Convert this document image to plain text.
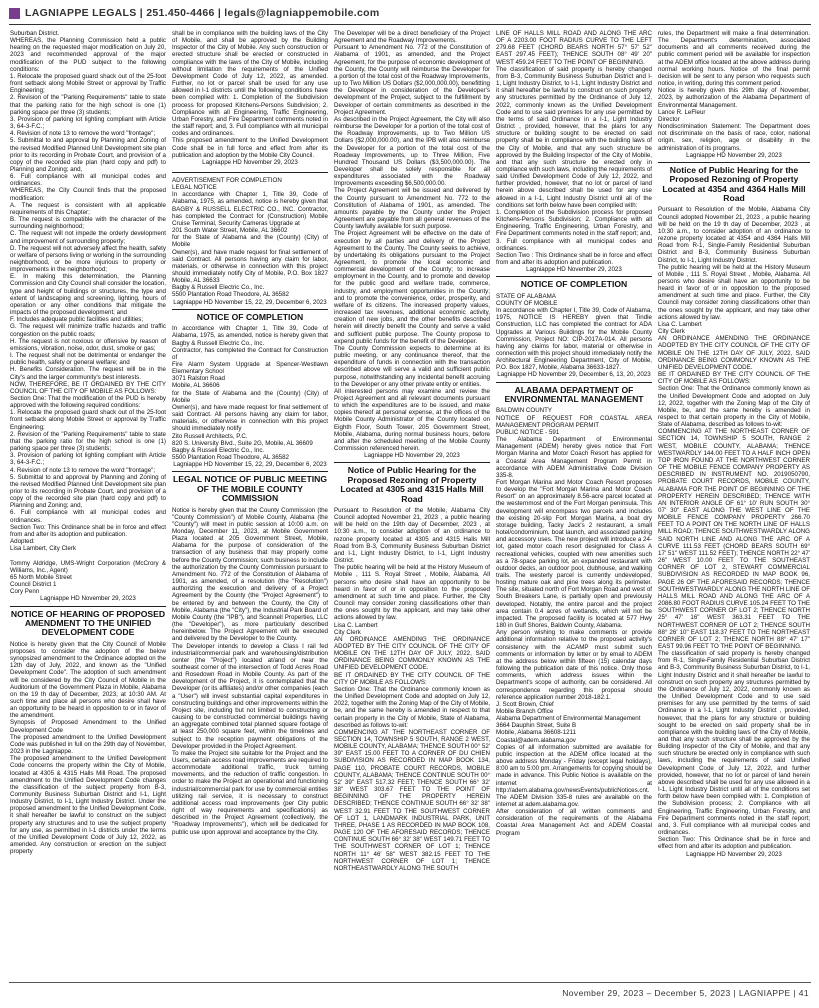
LAGNIAPPE LEGALS | 251.450-4466 | legals@lagniappemobile.com

Suburban District.

WHEREAS, the Planning Commission held a public hearing on the requested major modification on July 20, 2023 and recommended approval of the major modification of the PUD subject to the following conditions:

1. Relocate the proposed guard shack out of the 25-foot front setback along Mobile Street or approval by Traffic Engineering;

2. Revision of the "Parking Requirements" table to state that the parking ratio for the high school is one (1) parking space per three (3) students;

3. Provision of parking lot lighting compliant with Article 3, 64-3-F.C.;

4. Revision of note 13 to remove the word "frontage";

5. Submittal to and approval by Planning and Zoning of the revised Modified Planned Unit Development site plan prior to its recording in Probate Court, and provision of a copy of the recorded site plan (hard copy and pdf) to Planning and Zoning; and,

6. Full compliance with all municipal codes and ordinances.

WHEREAS, the City Council finds that the proposed modification:

A. The request is consistent with all applicable requirements of this Chapter;

B. The request is compatible with the character of the surrounding neighborhood;

C. The request will not impede the orderly development and improvement of surrounding property;

D. The request will not adversely affect the health, safety or welfare of persons living or working in the surrounding neighborhood, or be more injurious to property or improvements in the neighborhood;

E. In making this determination, the Planning Commission and City Council shall consider the location, type and height of buildings or structures, the type and extent of landscaping and screening, lighting, hours of operation or any other conditions that mitigate the impacts of the proposed development; and

F. Includes adequate public facilities and utilities;

G. The request will minimize traffic hazards and traffic congestion on the public roads;

H. The request is not noxious or offensive by reason of emissions, vibration, noise, odor, dust, smoke or gas;

I. The request shall not be detrimental or endanger the public health, safety or general welfare; and

H. Benefits Consideration. The request will be in the City's and the larger community's best interests.

NOW, THEREFORE, BE IT ORDAINED BY THE CITY COUNCIL OF THE CITY OF MOBILE AS FOLLOWS:

Section One: That the modification of the PUD is hereby approved with the following required conditions:

1. Relocate the proposed guard shack out of the 25-foot front setback along Mobile Street or approval by Traffic Engineering;

2. Revision of the "Parking Requirements" table to state that the parking ratio for the high school is one (1) parking space per three (3) students;

3. Provision of parking lot lighting compliant with Article 3, 64-3-F.C.;

4. Revision of note 13 to remove the word "frontage";

5. Submittal to and approval by Planning and Zoning of the revised Modified Planned Unit Development site plan prior to its recording in Probate Court, and provision of a copy of the recorded site plan (hard copy and pdf) to Planning and Zoning; and,

6. Full compliance with all municipal codes and ordinances.

Section Two: This Ordinance shall be in force and effect from and after its adoption and publication.

Adopted:

Lisa Lambert, City Clerk

Tommy Aldridge, UMS-Wright Corporation (McCrory & Williams, Inc., Agent)

65 North Mobile Street

Council District 1

Cory Penn

Lagniappe HD November 29, 2023

NOTICE OF HEARING OF PROPOSED AMENDMENT TO THE UNIFIED DEVELOPMENT CODE

Notice is hereby given that the City Council of Mobile proposes to consider the adoption of the below synopsized amendment to the Ordinance adopted on the 12th day of July, 2022, and known as the "Unified Development Code". The adoption of such amendment will be considered by the City Council of Mobile in the Auditorium of the Government Plaza in Mobile, Alabama on the 19 th day of December, 2023, at 10:30 AM. At such time and place all persons who desire shall have an opportunity to be heard in opposition to or in favor of the amendment.

Synopsis of Proposed Amendment to the Unified Development Code

The proposed amendment to the Unified Development Code was published in full on the 29th day of November, 2023 in the Lagniappe.

The proposed amendment to the Unified Development Code concerns the property within the City of Mobile, located at 4305 & 4315 Halls Mill Road. The proposed amendment to the Unified Development Code changes the classification of the subject property from B-3, Community Business Suburban District and I-1, Light Industry District, to I-1, Light Industry District. Under the proposed amendment to the Unified Development Code, it shall hereafter be lawful to construct on the subject property any structures and to use the subject property for any use, as permitted in I-1 districts under the terms of the Unified Development Code of July 12, 2022, as amended. Any construction or erection on the subject property

shall be in compliance with the building laws of the City of Mobile, and shall be approved by the Building Inspector of the City of Mobile. Any such construction or erected structure shall be erected or constructed in compliance with the laws of the City of Mobile, including without limitation the requirements of the Unified Development Code of July 12, 2022, as amended. Further, no lot or parcel shall be used for any use allowed in I-1 districts until the following conditions have been complied with: 1. Completion of the Subdivision process for proposed Kitchens-Persons Subdivision; 2. Compliance with all Engineering, Traffic Engineering, Urban Forestry, and Fire Department comments noted in the staff report; and, 3. Full compliance with all municipal codes and ordinances.

This proposed amendment to the Unified Development Code shall be in full force and effect from after its publication and adoption by the Mobile City Council.

Lagniappe HD November 29, 2023

ADVERTISEMENT FOR COMPLETION

LEGAL NOTICE

In accordance with Chapter 1, Title 39, Code of Alabama, 1975, as amended, notice is hereby given that BAGBY & RUSSELL ELECTRIC CO., INC. Contractor, has completed the Contract for (Construction) Mobile Cruise Terminal, Security Cameras Upgrade at

201 South Water Street, Mobile, AL 36602

for the State of Alabama and the (County) (City) of Mobile

Owner(s), and have made request for final settlement of said Contract. All persons having any claim for labor, materials, or otherwise in connection with this project should immediately notify City of Mobile, P.O. Box 1827 Mobile, AL 36633

Bagby & Russell Electric Co., Inc.

5500 Plantation Road Theodore, AL 36582

Lagniappe HD November 15, 22, 29, December 6, 2023

NOTICE OF COMPLETION

In accordance with Chapter 1, Title 39, Code of Alabama, 1975, as amended, notice is hereby given that Bagby & Russell Electric Co., Inc.

Contractor, has completed the Contract for Construction of

Fire Alarm System Upgrade at Spencer-Westlawn Elementary School

3071 Ralston Road

Mobile, AL 36606

for the State of Alabama and the (County) (City) of Mobile

Owner(s), and have made request for final settlement of said Contract. All persons having any claim for labor, materials, or otherwise in connection with this project should immediately notify

Zito Russell Architects, P.C.

820 S. University Blvd., Suite 2G, Mobile, AL 36609

Bagby & Russell Electric Co., Inc.

5500 Plantation Road Theodore, AL 36582

Lagniappe HD November 15, 22, 29, December 6, 2023

LEGAL NOTICE OF PUBLIC MEETING OF THE MOBILE COUNTY COMMISSION

Notice is hereby given that the County Commission (the "County Commission") of Mobile County, Alabama (the "County") will meet in public session at 10:00 a.m. on Monday, December 11, 2023, at Mobile Government Plaza located at 205 Government Street, Mobile, Alabama for the purpose of consideration of the transaction of any business that may properly come before the County Commission; such business to include the authorization by the County Commission pursuant to Amendment No. 772 of the Constitution of Alabama of 1901, as amended, of a resolution (the "Resolution") authorizing the execution and delivery of a Project Agreement by the County (the "Project Agreement") to be entered by and between the County, the City of Mobile, Alabama (the "City"), the Industrial Park Board of Mobile County (the "IPB"), and Scannell Properties, LLC (the "Developer"), as more particularly described hereinbelow. The Project Agreement will be executed and delivered by the Developer to the County.

The Developer intends to develop a Class I rail fed industrial/commercial park and warehousing/distribution center (the "Project") located at/and or near the southeast corner of the intersection of Todd Acres Road and Rosedown Road in Mobile County. As part of the development of the Project, it is contemplated that the Developer (or its affiliates) and/or other companies (each a "User") will invest substantial capital expenditures in constructing buildings and other improvements within the Project site, including but not limited to constructing or causing to be constructed commercial buildings having an aggregate combined total planned square footage of at least 250,000 square feet, within the timelines and subject to the reception payment obligations of the Developer provided in the Project Agreement.

To make the Project site suitable for the Project and the Users, certain access road improvements are required to accommodate additional traffic, truck turning movements, and the reduction of traffic congestion. In order to make the Project an operational and functioning industrial/commercial park for use by commercial entities utilizing rail service, it is necessary to construct additional access road improvements (per City public right of way requirements and specifications) as described in the Project Agreement (collectively, the "Roadway Improvements"), which will be dedicated for public use upon approval and acceptance by the City.

The Developer will be a direct beneficiary of the Project Agreement and the Roadway Improvements.

Pursuant to Amendment No. 772 of the Constitution of Alabama of 1901, as amended, and the Project Agreement, for the purpose of economic development of the County, the County will reimburse the Developer for a portion of the total cost of the Roadway Improvements, up to Two Million US Dollars ($2,000,000.00), benefitting the Developer in consideration of the Developer's development of the Project, subject to the fulfillment by Developer of certain commitments as described in the Project Agreement.

As described in the Project Agreement, the City will also reimburse the Developer for a portion of the total cost of the Roadway Improvements, up to Two Million US Dollars ($2,000,000.00), and the IPB will also reimburse the Developer for a portion of the total cost of the Roadway Improvements, up to Three Million, Five Hundred Thousand US Dollars ($3,500,000.00). The Developer shall be solely responsible for all expenditures associated with the Roadway Improvements exceeding $6,500,000.00.

The Project Agreement will be issued and delivered by the County pursuant to Amendment No. 772 to the Constitution of Alabama of 1901, as amended. The amounts payable by the County under the Project Agreement are payable from all general revenues of the County lawfully available for such purpose.

The Project Agreement will be effective on the date of execution by all parties and delivery of the Project Agreement to the County. The County seeks to achieve, by undertaking its obligations pursuant to the Project Agreement, to promote the local economic and commercial development of the County; to increase employment in the County, and to promote and develop for the public good and welfare trade, commerce, industry, and employment opportunities in the County; and to promote the convenience, order, prosperity, and welfare of its citizens. The increased property values, increased tax revenues, additional economic activity, creation of new jobs, and the other benefits described herein will directly benefit the County and serve a valid and sufficient public purpose. The County propose to expend public funds for the benefit of the Developer.

The County Commission expects to determine at its public meeting, or any continuance thereof, that the expenditure of funds in connection with the transaction described above will serve a valid and sufficient public purpose, notwithstanding any incidental benefit accruing to the Developer or any other private entity or entities.

All interested persons may examine and review the Project Agreement and all relevant documents pursuant to which the expenditures are to be issued, and make copies thereof at personal expense, at the offices of the Mobile County Administrator of the County located on Eighth Floor, South Tower, 205 Government Street, Mobile, Alabama, during normal business hours, before and after the scheduled meeting of the Mobile County Commission referenced herein.

Lagniappe HD November 29, 2023

Notice of Public Hearing for the Proposed Rezoning of Property Located at 4305 and 4315 Halls Mill Road

Pursuant to Resolution of the Mobile, Alabama City Council adopted November 21, 2023 , a public hearing will be held on the 19th day of December, 2023 , at 10:30 a.m., to consider adoption of an ordinance to rezone property located at 4305 and 4315 Halls Mill Road from B-3, Community Business Suburban District and I-1, Light Industry District, to I-1, Light Industry District.

The public hearing will be held at the History Museum of Mobile , 111 S. Royal Street , Mobile, Alabama. All persons who desire shall have an opportunity to be heard in favor of or in opposition to the proposed amendment at such time and place. Further, the City Council may consider zoning classifications other than the ones sought by the applicant, and may take other actions allowed by law.

Lisa C. Lambert

City Clerk

AN ORDINANCE AMENDING THE ORDINANCE ADOPTED BY THE CITY COUNCIL OF THE CITY OF MOBILE ON THE 12TH DAY OF JULY, 2022, SAID ORDINANCE BEING COMMONLY KNOWN AS THE UNIFIED DEVELOPMENT CODE.

BE IT ORDAINED BY THE CITY COUNCIL OF THE CITY OF MOBILE AS FOLLOWS:

Section One: That the Ordinance commonly known as the Unified Development Code and adopted on July 12, 2022, together with the Zoning Map of the City of Mobile, be, and the same hereby is amended in respect to that certain property in the City of Mobile, State of Alabama, described as follows to-wit:

COMMENCING AT THE NORTHEAST CORNER OF SECTION 14, TOWNSHIP 5 SOUTH, RANGE 2 WEST, MOBILE COUNTY, ALABAMA; THENCE SOUTH 00° 52' 39" EAST 15.00 FEET TO A CORNER OF DU CHIEN SUBDIVISION AS RECORDED IN MAP BOOK 134, PAGE 110, PROBATE COURT RECORDS, MOBILE COUNTY, ALABAMA; THENCE CONTINUE SOUTH 00° 52' 39" EAST 517.32 FEET; THENCE SOUTH 66° 32' 38" WEST 303.67 FEET TO THE POINT OF BEGINNING OF THE PROPERTY HEREIN DESCRIBED; THENCE CONTINUE SOUTH 66° 32' 38" WEST 32.91 FEET TO THE SOUTHWEST CORNER OF LOT 1, LANDMARK INDUSTRIAL PARK, UNIT THREE, PHASE 1 AS RECORDED IN MAP BOOK 108, PAGE 120 OF THE AFORESAID RECORDS; THENCE CONTINUE SOUTH 66° 32' 38" WEST 149.71 FEET TO THE SOUTHWEST CORNER OF LOT 1; THENCE NORTH 11° 46' 58" WEST 382.15 FEET TO THE NORTHWEST CORNER OF LOT 1; THENCE NORTHEASTWARDLY ALONG THE SOUTH

LINE OF HALLS MILL ROAD AND ALONG THE ARC OF A 2203.00 FOOT RADIUS CURVE TO THE LEFT 279.68 FEET (CHORD BEARS NORTH 57° 57' 52" EAST 297.45 FEET); THENCE SOUTH 08° 49' 20" WEST 459.24 FEET TO THE POINT OF BEGINNING.

The classification of said property is hereby changed from B-3, Community Business Suburban District and I-1, Light Industry District, to I-1, Light Industry District and it shall hereafter be lawful to construct on such property any structures permitted by the Ordinance of July 12, 2022, commonly known as the Unified Development Code and to use said premises for any use permitted by the terms of said Ordinance in a I-1, Light Industry District , provided, however, that the plans for any structure or building sought to be erected on said property shall be in compliance with the building laws of the City of Mobile, and that any such structure be approved by the Building Inspector of the City of Mobile, and that any such structure be erected only in compliance with such laws, including the requirements of said Unified Development Code of July 12, 2022, and further provided, however, that no lot or parcel of land herein above described shall be used for any use allowed in a I-1, Light Industry District until all of the conditions set forth below have been complied with:

1. Completion of the Subdivision process for proposed Kitchens-Persons Subdivision; 2. Compliance with all Engineering, Traffic Engineering, Urban Forestry, and Fire Department comments noted in the staff report; and, 3. Full compliance with all municipal codes and ordinances.

Section Two : This Ordinance shall be in force and effect from and after its adoption and publication.

Lagniappe HD November 29, 2023

NOTICE OF COMPLETION

STATE OF ALABAMA

COUNTY OF MOBILE

In accordance with Chapter I, Title 39, Code of Alabama, 1975, NOTICE IS HEREBY given that Tindle Construction, LLC has completed the contract for ADA Upgrades at Various Buildings for the Mobile County Commission, Project NO: CIP-2017A-014. All persons having any claims for labor, material or otherwise in connection with this project should immediately notify the Architectural Engineering Department, City of Mobile, P.O. Box 1827, Mobile, Alabama 36633-1827.

Lagniappe HD November 29, December 6, 13, 20, 2023

ALABAMA DEPARTMENT OF ENVIRONMENTAL MANAGEMENT

BALDWIN COUNTY

NOTICE OF REQUEST FOR COASTAL AREA MANAGEMENT PROGRAM PERMIT

PUBLIC NOTICE - 591

The Alabama Department of Environmental Management (ADEM) hereby gives notice that Fort Morgan Marina and Motor Coach Resort has applied for a Coastal Area Management Program Permit in accordance with ADEM Administrative Code Division 335-8.

Fort Morgan Marina and Motor Coach Resort proposes to develop the "Fort Morgan Marina and Motor Coach Resort" on an approximately 8.56-acre parcel located at the westernmost end of the Fort Morgan peninsula. This development will encompass two parcels and includes the existing 20-slip Fort Morgan Marina, a boat dry storage building, Tacky Jack's 2 restaurant, a small hotel/condominium, boat launch, and associated parking and accessory uses. The new project will introduce a 24-lot, gated motor coach resort designated for Class A recreational vehicles, coupled with new amenities such as a 78-space parking lot, an expanded restaurant with outdoor decks, an outdoor pool, clubhouse, and walking trails. The westerly parcel is currently undeveloped, hosting mature oak and pine trees along its perimeter. The site, situated north of Fort Morgan Road and west of South Breakers Lane, is partially open and previously developed. Notably, the entire parcel and the project area contain 0.4 acres of wetlands, which will not be impacted. The proposed facility is located at 577 Hwy 180 in Gulf Shores, Baldwin County, Alabama.

Any person wishing to make comments or provide additional information relative to the proposed activity's consistency with the ACAMP must submit such comments or information by letter or by email to ADEM at the address below within fifteen (15) calendar days following the publication date of this notice. Only those comments, which address issues within the Department's scope of authority, can be considered. All correspondence regarding this proposal should reference application number 2018-182.1.

J. Scott Brown, Chief

Mobile Branch Office

Alabama Department of Environmental Management

3664 Dauphin Street, Suite B

Mobile, Alabama 36608-1211

Coastal@adem.alabama.gov

Copies of all information submitted are available for public inspection at the ADEM office located at the above address Monday - Friday (except legal holidays), 8:00 am to 5:00 pm. Arrangements for copying should be made in advance. This Public Notice is available on the internet at http://adem.alabama.gov/newsEvents/publicNotices.cnt. The ADEM Division 335-8 rules are available on the internet at adem.alabama.gov.

After consideration of all written comments and consideration of the requirements of the Alabama Coastal Area Management Act and ADEM Coastal Program

rules, the Department will make a final determination. The Department's determination, associated documents and all comments received during the public comment period will be available for inspection at the ADEM office located at the above address during normal working hours. Notice of the final permit decision will be sent to any person who requests such notice, in writing, during this comment period.

Notice is hereby given this 29th day of November, 2023, by authorization of the Alabama Department of Environmental Management.

Lance R. LeFleur

Director

Nondiscrimination Statement: The Department does not discriminate on the basis of race, color, national origin, sex, religion, age or disability in the administration of its programs.

Lagniappe HD November 29, 2023

Notice of Public Hearing for the Proposed Rezoning of Property Located at 4354 and 4364 Halls Mill Road

Pursuant to Resolution of the Mobile, Alabama City Council adopted November 21, 2023 , a public hearing will be held on the 19 th day of December, 2023 , at 10:30 a.m., to consider adoption of an ordinance to rezone property located at 4354 and 4364 Halls Mill Road from R-1, Single-Family Residential Suburban District and B-3, Community Business Suburban District, to I-1, Light Industry District.

The public hearing will be held at the History Museum of Mobile , 111 S. Royal Street , Mobile, Alabama. All persons who desire shall have an opportunity to be heard in favor of or in opposition to the proposed amendment at such time and place. Further, the City Council may consider zoning classifications other than the ones sought by the applicant, and may take other actions allowed by law.

Lisa C. Lambert

City Clerk

AN ORDINANCE AMENDING THE ORDINANCE ADOPTED BY THE CITY COUNCIL OF THE CITY OF MOBILE ON THE 12TH DAY OF JULY, 2022, SAID ORDINANCE BEING COMMONLY KNOWN AS THE UNIFIED DEVELOPMENT CODE.

BE IT ORDAINED BY THE CITY COUNCIL OF THE CITY OF MOBILE AS FOLLOWS:

Section One: That the Ordinance commonly known as the Unified Development Code and adopted on July 12, 2022, together with the Zoning Map of the City of Mobile, be, and the same hereby is amended in respect to that certain property in the City of Mobile, State of Alabama, described as follows to-wit:

COMMENCING AT THE NORTHEAST CORNER OF SECTION 14, TOWNSHIP 5 SOUTH, RANGE 2 WEST, MOBILE COUNTY, ALABAMA; THENCE WESTWARDLY 144.00 FEET TO A HALF INCH OPEN TOP IRON FOUND AT THE NORTHWEST CORNER OF THE MOBILE FENCE COMPANY PROPERTY AS DESCRIBED IN INSTRUMENT NO. 2019050790, PROBATE COURT RECORDS, MOBILE COUNTY, ALABAMA FOR THE POINT OF BEGINNING OF THE PROPERTY HEREIN DESCRIBED; THENCE WITH AN INTERIOR ANGLE OF 61° 10' RUN SOUTH 30° 07' 30" EAST ALONG THE WEST LINE OF THE MOBILE FENCE COMPANY PROPERTY 266.70 FEET TO A POINT ON THE NORTH LINE OF HALLS MILL ROAD; THENCE SOUTHWESTWARDLY ALONG SAID NORTH LINE AND ALONG THE ARC OF A CURVE 111.53 FEET (CHORD BEARS SOUTH 69° 17' 51" WEST 111.52 FEET); THENCE NORTH 22° 47' 26" WEST 10.00 FEET TO THE SOUTHEAST CORNER OF LOT 2, STEWART COMMERCIAL SUBDIVISION AS RECORDED IN MAP BOOK 96, PAGE 26 OF THE AFORESAID RECORDS; THENCE SOUTHWESTWARDLY ALONG THE NORTH LINE OF HALLS MILL ROAD AND ALONG THE ARC OF A 2086.80 FOOT RADIUS CURVE 105.24 FEET TO THE SOUTHWEST CORNER OF LOT 2; THENCE NORTH 25° 47' 16" WEST 363.31 FEET TO THE NORTHWEST CORNER OF LOT 2; THENCE SOUTH 88° 26' 10" EAST 118.37 FEET TO THE NORTHEAST CORNER OF LOT 2; THENCE NORTH 88° 47' 17" EAST 99.96 FEET TO THE POINT OF BEGINNING.

The classification of said property is hereby changed from R-1, Single-Family Residential Suburban District and B-3, Community Business Suburban District, to I-1, Light Industry District and it shall hereafter be lawful to construct on such property any structures permitted by the Ordinance of July 12, 2022, commonly known as the Unified Development Code and to use said premises for any use permitted by the terms of said Ordinance in a I-1, Light Industry District , provided, however, that the plans for any structure or building sought to be erected on said property shall be in compliance with the building laws of the City of Mobile, and that any such structure shall be approved by the Building Inspector of the City of Mobile, and that any such structure be erected only in compliance with such laws, including the requirements of said Unified Development Code of July 12, 2022, and further provided, however, that no lot or parcel of land herein above described shall be used for any use allowed in a I-1, Light Industry District until all of the conditions set forth below have been complied with: 1. Completion of the Subdivision process; 2. Compliance with all Engineering, Traffic Engineering, Urban Forestry, and Fire Department comments noted in the staff report; and, 3. Full compliance with all municipal codes and ordinances.

Section Two: This Ordinance shall be in force and effect from and after its adoption and publication.

Lagniappe HD November 29, 2023

November 29, 2023 – December 5, 2023 | LAGNIAPPE | 41
